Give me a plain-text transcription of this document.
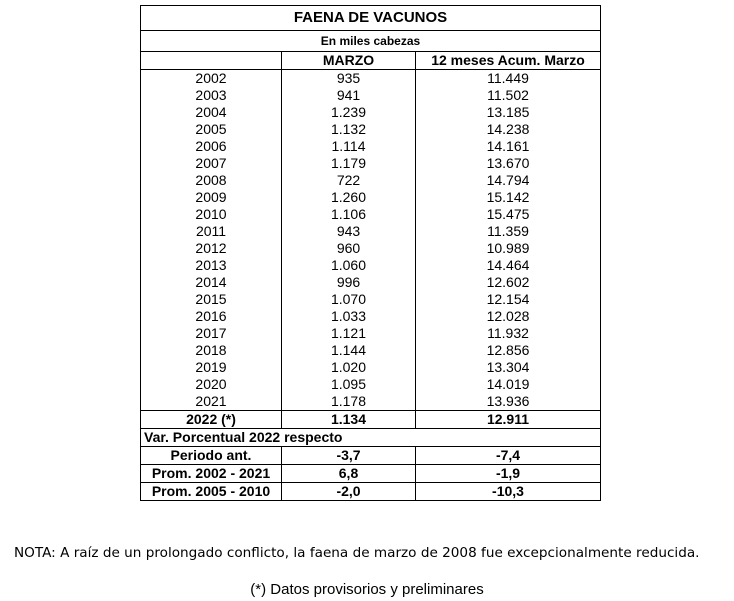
FAENA DE VACUNOS		
En miles cabezas		
	MARZO	12 meses Acum. Marzo
2002	935	11.449
2003	941	11.502
2004	1.239	13.185
2005	1.132	14.238
2006	1.114	14.161
2007	1.179	13.670
2008	722	14.794
2009	1.260	15.142
2010	1.106	15.475
2011	943	11.359
2012	960	10.989
2013	1.060	14.464
2014	996	12.602
2015	1.070	12.154
2016	1.033	12.028
2017	1.121	11.932
2018	1.144	12.856
2019	1.020	13.304
2020	1.095	14.019
2021	1.178	13.936
2022 (*)	1.134	12.911
Var. Porcentual 2022 respecto		
Periodo ant.	-3,7	-7,4
Prom. 2002 - 2021	6,8	-1,9
Prom. 2005 - 2010	-2,0	-10,3

NOTA: A raíz de un prolongado conflicto, la faena de marzo de 2008 fue excepcionalmente reducida.

(*) Datos provisorios y preliminares
